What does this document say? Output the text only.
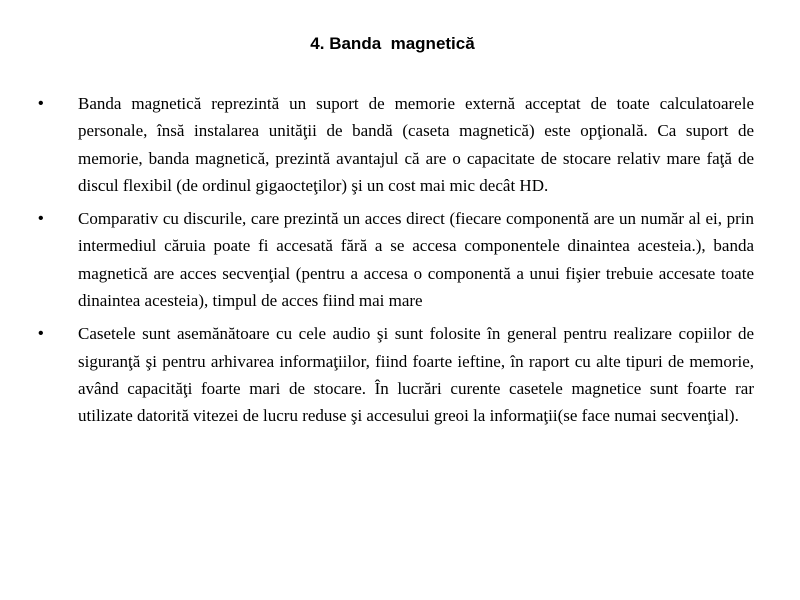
4. Banda  magnetică
•	Banda magnetică reprezintă un suport de memorie externă acceptat de toate calculatoarele personale, însă instalarea unităţii de bandă (caseta magnetică) este opţională. Ca suport de memorie, banda magnetică, prezintă avantajul că are o capacitate de stocare relativ mare faţă de discul flexibil (de ordinul gigaocteţilor) şi un cost mai mic decât HD.
•	Comparativ cu discurile, care prezintă un acces direct (fiecare componentă are un număr al ei, prin intermediul căruia poate fi accesată fără a se accesa componentele dinaintea acesteia.), banda magnetică are acces secvenţial (pentru a accesa o componentă a unui fişier trebuie accesate toate dinaintea acesteia), timpul de acces fiind mai mare
•	Casetele sunt asemănătoare cu cele audio şi sunt folosite în general pentru realizare copiilor de siguranţă şi pentru arhivarea informaţiilor, fiind foarte ieftine, în raport cu alte tipuri de memorie, având capacităţi foarte mari de stocare. În lucrări curente casetele magnetice sunt foarte rar utilizate datorită vitezei de lucru reduse şi accesului greoi la informaţii(se face numai secvenţial).
